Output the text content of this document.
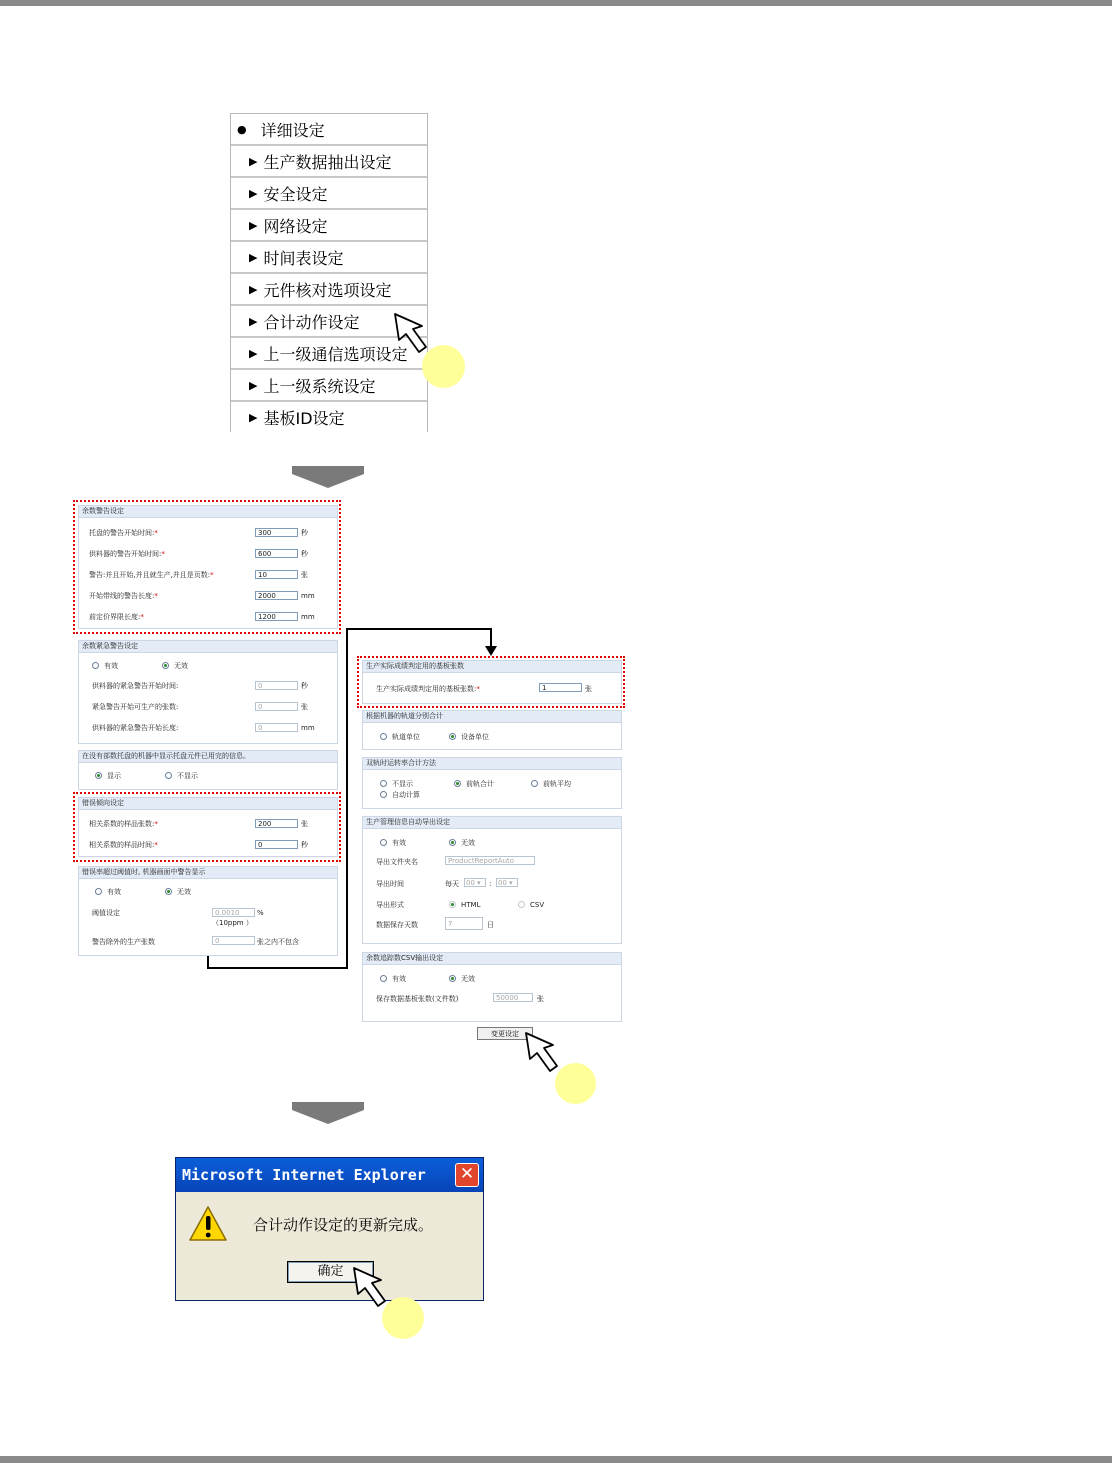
● 详细设定
▶ 生产数据抽出设定
▶ 安全设定
▶ 网络设定
▶ 时间表设定
▶ 元件核对选项设定
▶ 合计动作设定
▶ 上一级通信选项设定
▶ 上一级系统设定
▶ 基板ID设定
余数警告设定
托盘的警告开始时间:*	300	秒
供料器的警告开始时间:*	600	秒
警告:并且开始,并且就生产,并且是页数:*	10	张
开始带线的警告长度:*	2000	mm
前定价界限长度:*	1200	mm
余数紧急警告设定
有效	无效
供料器的紧急警告开始时间:	0	秒
紧急警告开始可生产的张数:	0	张
供料器的紧急警告开始长度:	0	mm
在没有部数托盘的机器中显示托盘元件已用完的信息。
显示	不显示
错误倾向设定
相关系数的样品张数:*	200	张
相关系数的样品时间:*	0	秒
错误率超过阈值时, 机器画面中警告显示
有效	无效
阈值设定	0.0010	%
（10ppm ）
警告除外的生产张数	0	张之内不包含
生产实际成绩判定用的基板张数
生产实际成绩判定用的基板张数:*	1	张
根据机器的轨道分别合计
轨道单位	设备单位
双轨时运转率合计方法
不显示	前轨合计	前轨平均
自动计算
生产管理信息自动导出设定
有效	无效
导出文件夹名	ProductReportAuto
导出时间	每天 00 ▾	: 00 ▾
导出形式	HTML	CSV
数据保存天数	7	日
余数追踪数CSV输出设定
有效	无效
保存数据基板张数(文件数)	50000	张
变更设定
Microsoft Internet Explorer	✕
合计动作设定的更新完成。
确定
